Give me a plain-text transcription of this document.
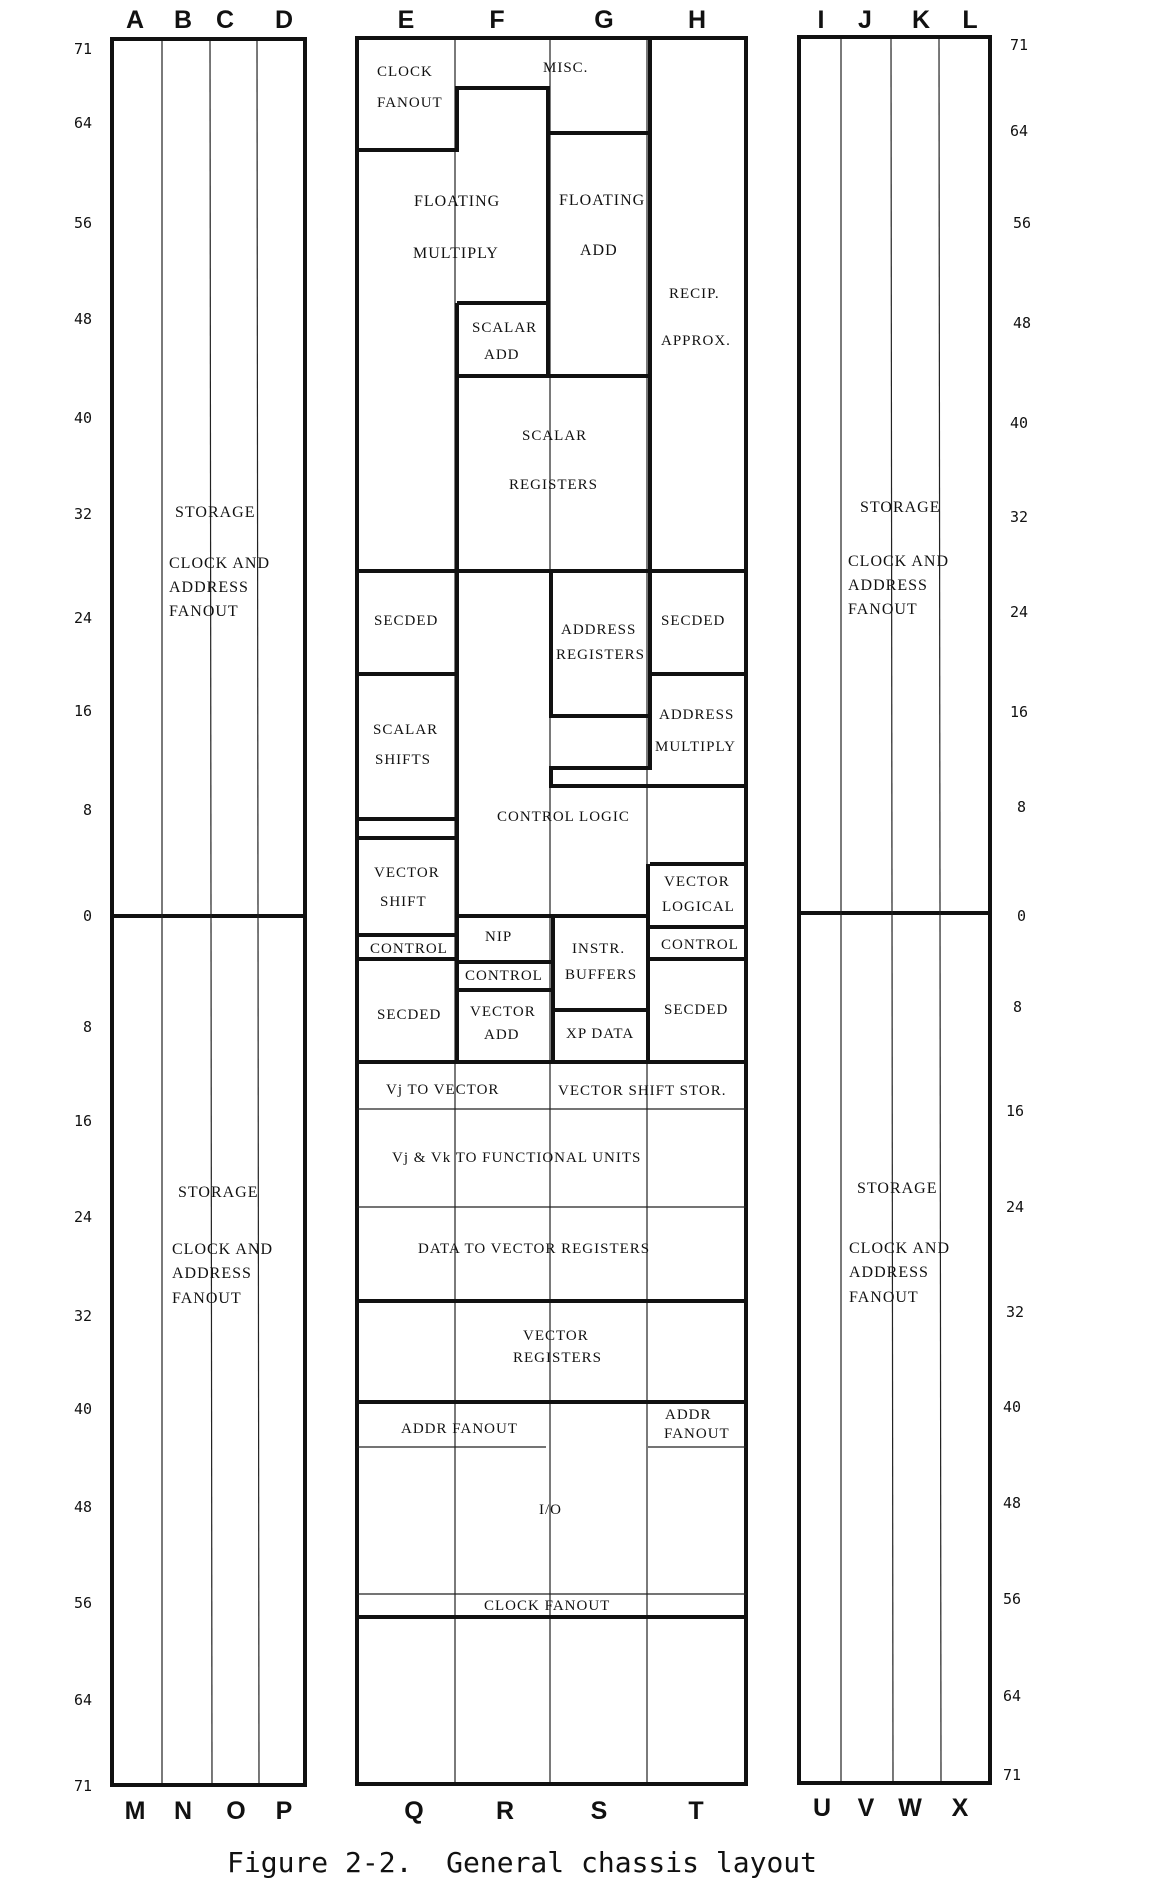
A B C D	E	F	G	H	I J K L
M N O P	Q	R	S	T	U V W X
71
64
56
48
40
32
24
16
8
0
8
16
24
32
40
48
56
64
71
71
64
56
48
40
32
24
16
8
0
8
16
24
32
40
48
56
64
71
STORAGE
CLOCK AND
ADDRESS
FANOUT
STORAGE
CLOCK AND
ADDRESS
FANOUT
STORAGE
CLOCK AND
ADDRESS
FANOUT
STORAGE
CLOCK AND
ADDRESS
FANOUT
CLOCK
FANOUT
MISC.
FLOATING
MULTIPLY
FLOATING
ADD
RECIP.
APPROX.
SCALAR
ADD
SCALAR
REGISTERS
SECDED
ADDRESS
REGISTERS
SECDED
SCALAR
SHIFTS
ADDRESS
MULTIPLY
CONTROL LOGIC
VECTOR
SHIFT
VECTOR
LOGICAL
CONTROL
NIP
INSTR.
BUFFERS
CONTROL
CONTROL
SECDED VECTOR
ADD	XP DATA
SECDED
Vj TO VECTOR	VECTOR SHIFT STOR.
Vj & Vk TO FUNCTIONAL UNITS
DATA TO VECTOR REGISTERS
VECTOR
REGISTERS
ADDR FANOUT
ADDR
FANOUT
I/O
CLOCK FANOUT
Figure 2-2.  General chassis layout
